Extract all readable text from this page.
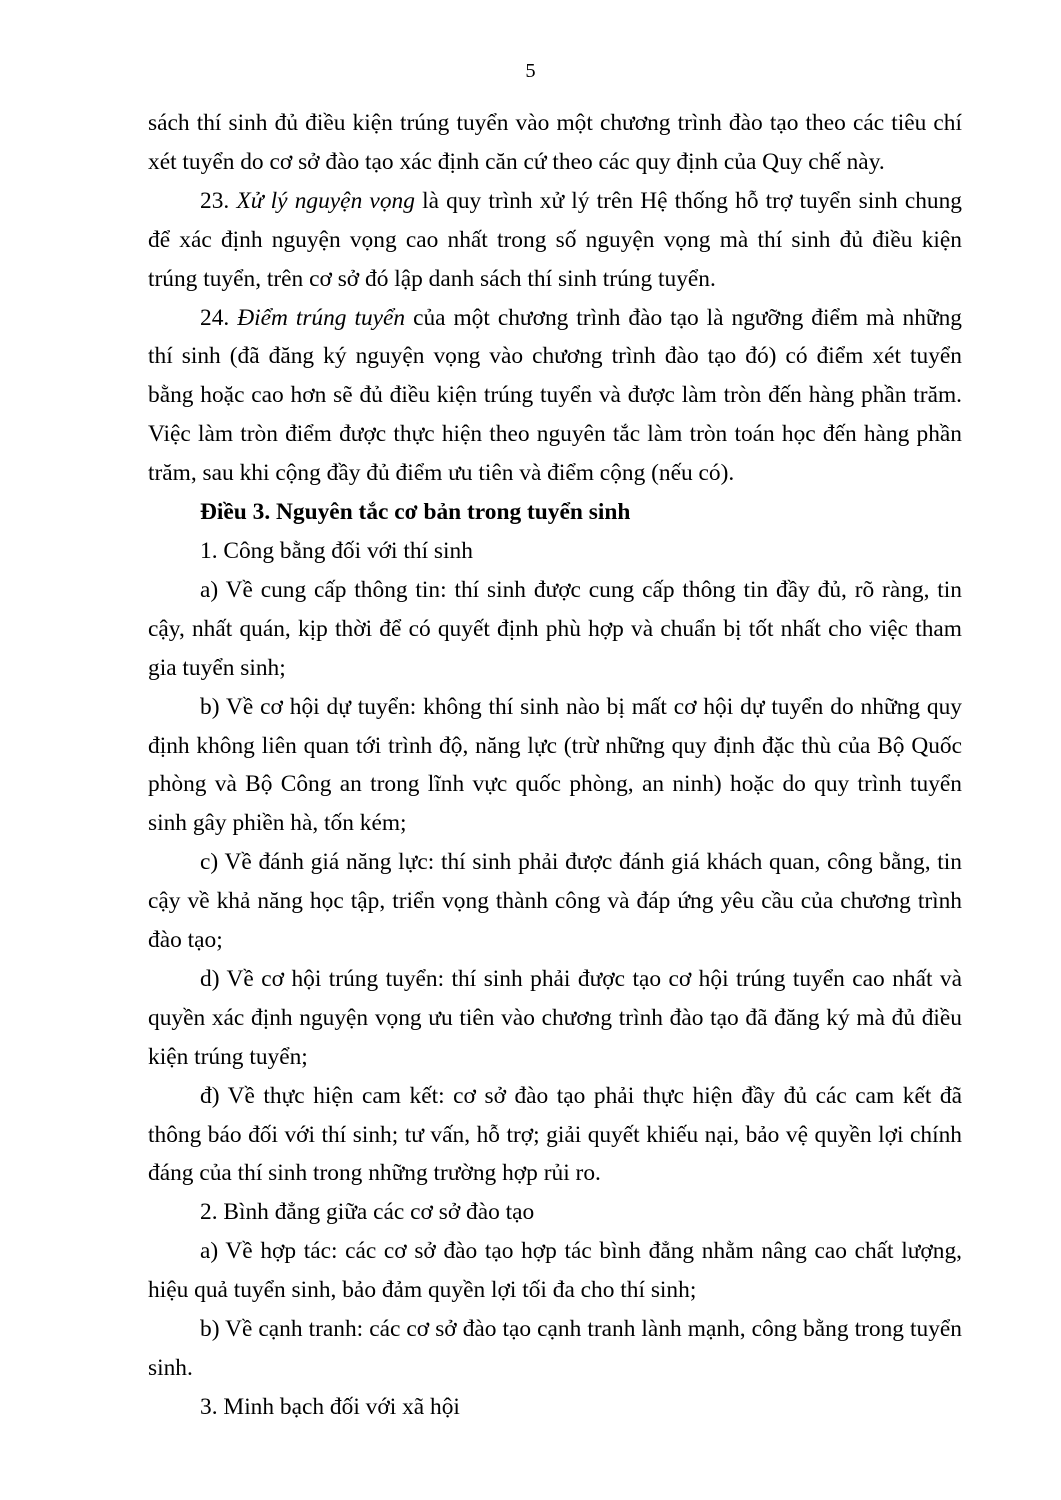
5

sách thí sinh đủ điều kiện trúng tuyển vào một chương trình đào tạo theo các tiêu chí xét tuyển do cơ sở đào tạo xác định căn cứ theo các quy định của Quy chế này.

23. Xử lý nguyện vọng là quy trình xử lý trên Hệ thống hỗ trợ tuyển sinh chung để xác định nguyện vọng cao nhất trong số nguyện vọng mà thí sinh đủ điều kiện trúng tuyển, trên cơ sở đó lập danh sách thí sinh trúng tuyển.

24. Điểm trúng tuyển của một chương trình đào tạo là ngưỡng điểm mà những thí sinh (đã đăng ký nguyện vọng vào chương trình đào tạo đó) có điểm xét tuyển bằng hoặc cao hơn sẽ đủ điều kiện trúng tuyển và được làm tròn đến hàng phần trăm. Việc làm tròn điểm được thực hiện theo nguyên tắc làm tròn toán học đến hàng phần trăm, sau khi cộng đầy đủ điểm ưu tiên và điểm cộng (nếu có).

Điều 3. Nguyên tắc cơ bản trong tuyển sinh

1. Công bằng đối với thí sinh

a) Về cung cấp thông tin: thí sinh được cung cấp thông tin đầy đủ, rõ ràng, tin cậy, nhất quán, kịp thời để có quyết định phù hợp và chuẩn bị tốt nhất cho việc tham gia tuyển sinh;

b) Về cơ hội dự tuyển: không thí sinh nào bị mất cơ hội dự tuyển do những quy định không liên quan tới trình độ, năng lực (trừ những quy định đặc thù của Bộ Quốc phòng và Bộ Công an trong lĩnh vực quốc phòng, an ninh) hoặc do quy trình tuyển sinh gây phiền hà, tốn kém;

c) Về đánh giá năng lực: thí sinh phải được đánh giá khách quan, công bằng, tin cậy về khả năng học tập, triển vọng thành công và đáp ứng yêu cầu của chương trình đào tạo;

d) Về cơ hội trúng tuyển: thí sinh phải được tạo cơ hội trúng tuyển cao nhất và quyền xác định nguyện vọng ưu tiên vào chương trình đào tạo đã đăng ký mà đủ điều kiện trúng tuyển;

đ) Về thực hiện cam kết: cơ sở đào tạo phải thực hiện đầy đủ các cam kết đã thông báo đối với thí sinh; tư vấn, hỗ trợ; giải quyết khiếu nại, bảo vệ quyền lợi chính đáng của thí sinh trong những trường hợp rủi ro.

2. Bình đẳng giữa các cơ sở đào tạo

a) Về hợp tác: các cơ sở đào tạo hợp tác bình đẳng nhằm nâng cao chất lượng, hiệu quả tuyển sinh, bảo đảm quyền lợi tối đa cho thí sinh;

b) Về cạnh tranh: các cơ sở đào tạo cạnh tranh lành mạnh, công bằng trong tuyển sinh.

3. Minh bạch đối với xã hội
